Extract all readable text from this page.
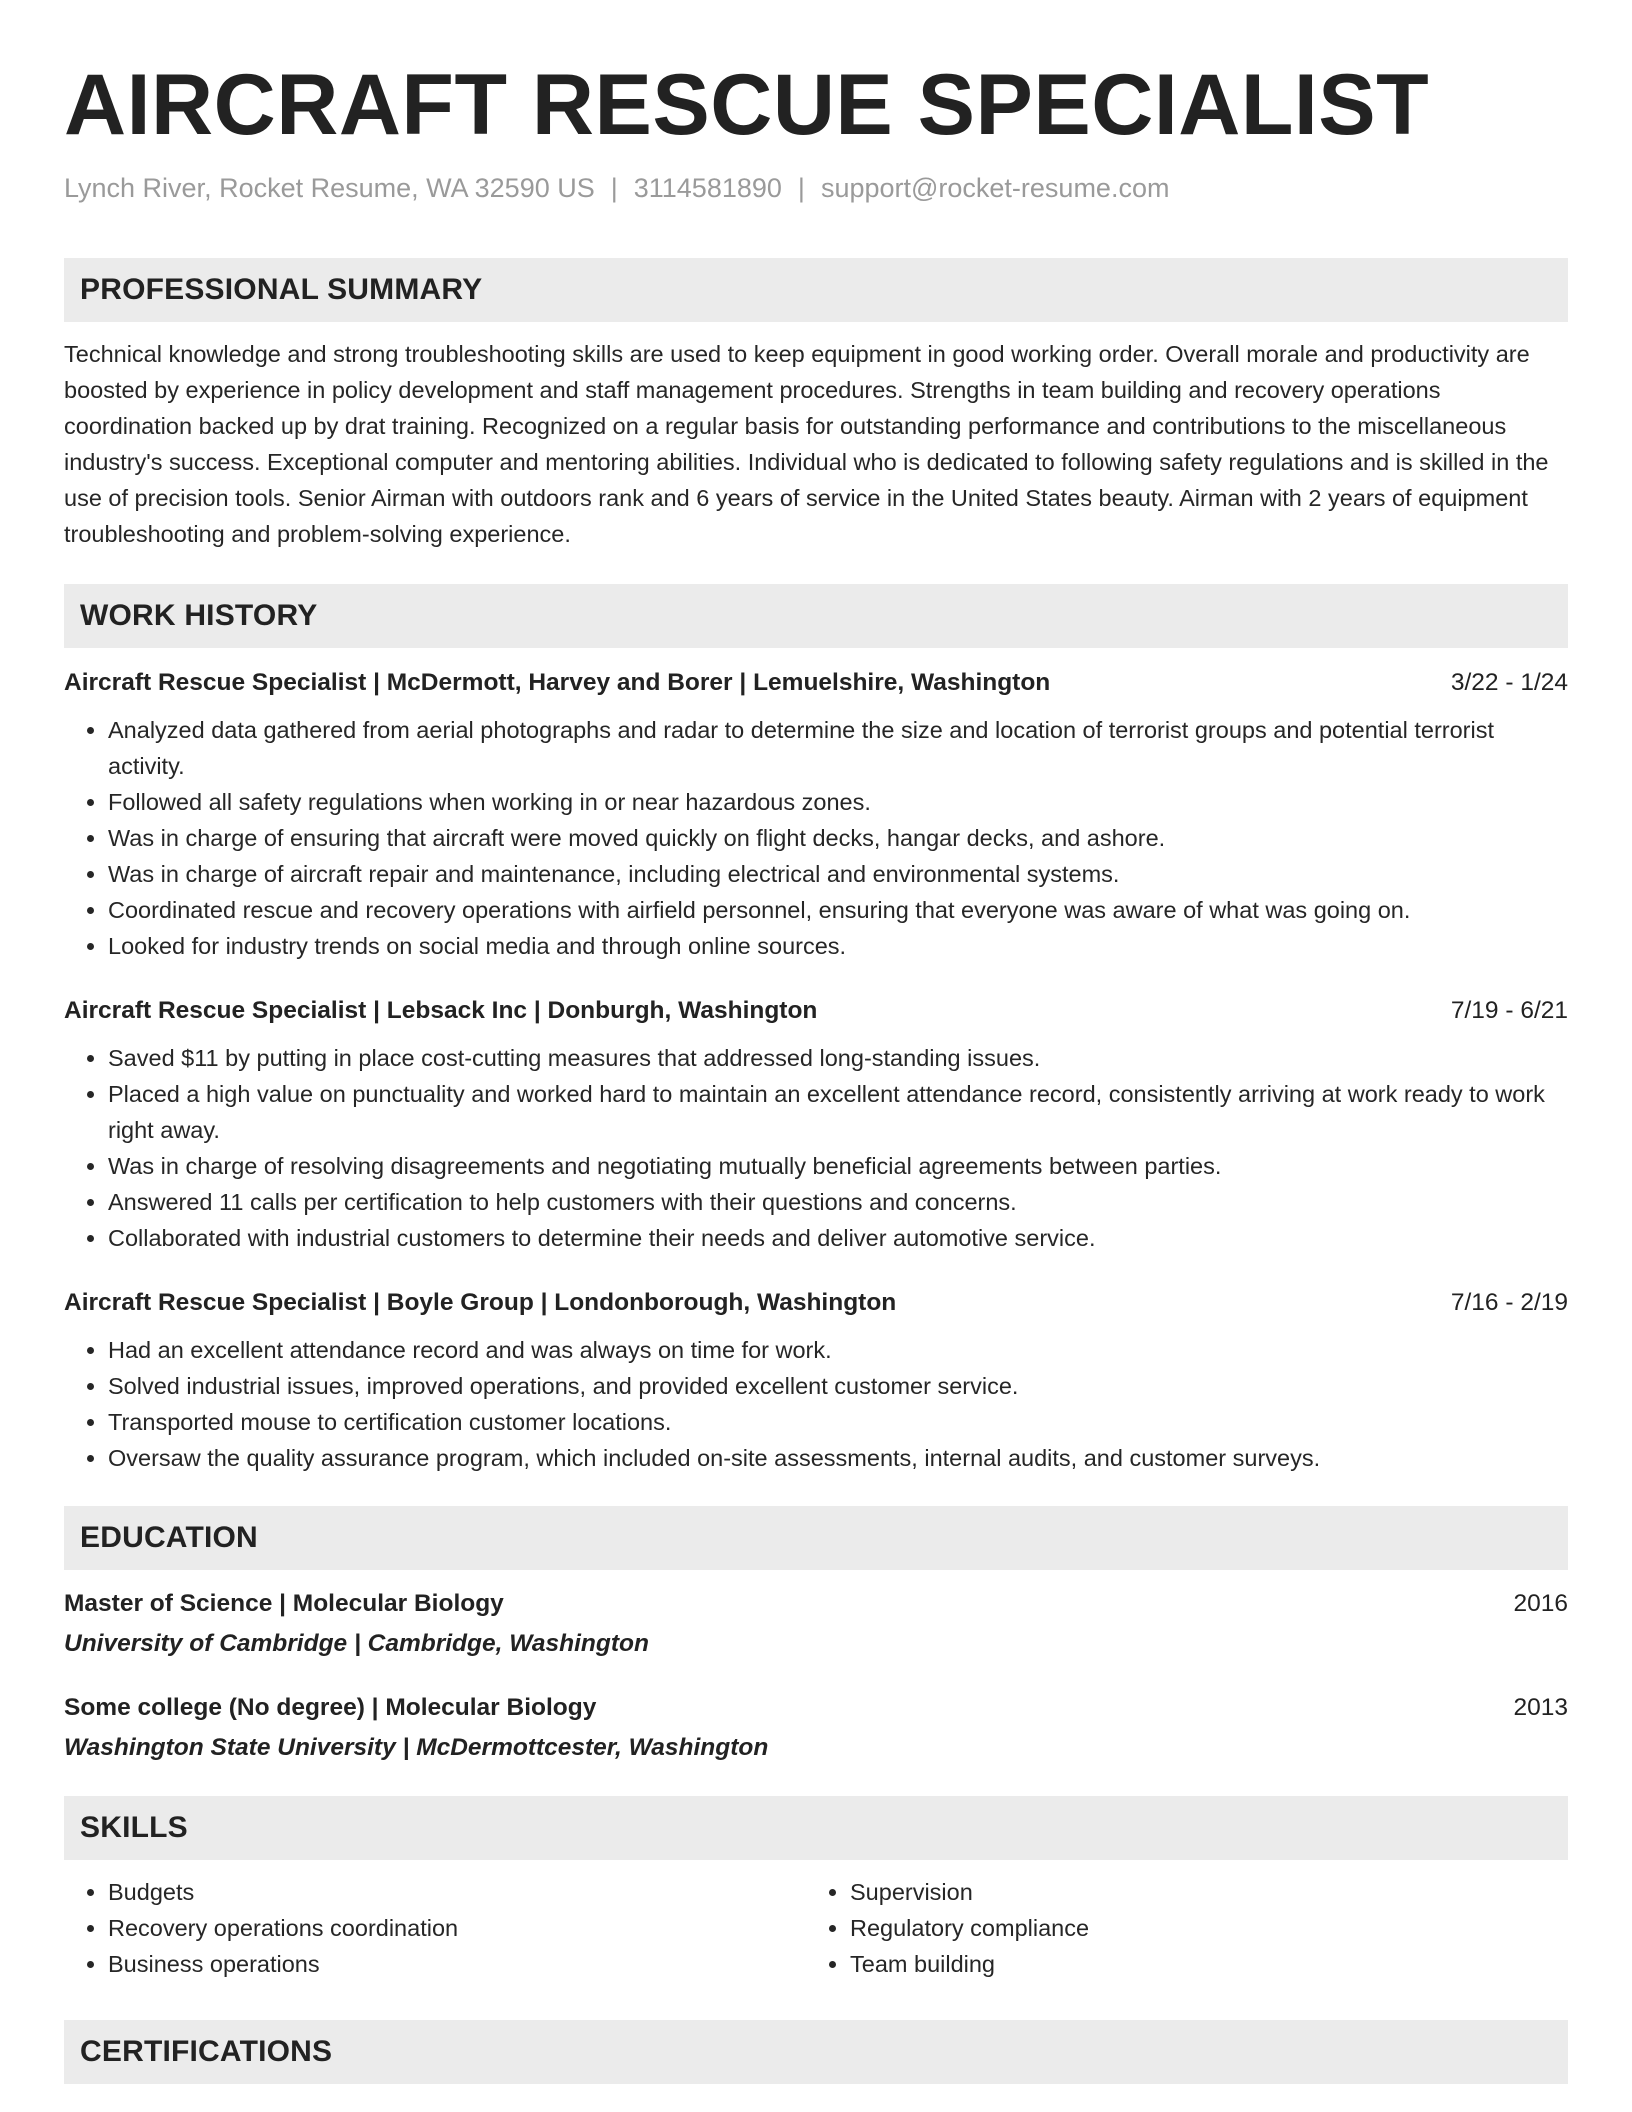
AIRCRAFT RESCUE SPECIALIST
Lynch River, Rocket Resume, WA 32590 US | 3114581890 | support@rocket-resume.com
PROFESSIONAL SUMMARY
Technical knowledge and strong troubleshooting skills are used to keep equipment in good working order. Overall morale and productivity are boosted by experience in policy development and staff management procedures. Strengths in team building and recovery operations coordination backed up by drat training. Recognized on a regular basis for outstanding performance and contributions to the miscellaneous industry's success. Exceptional computer and mentoring abilities. Individual who is dedicated to following safety regulations and is skilled in the use of precision tools. Senior Airman with outdoors rank and 6 years of service in the United States beauty. Airman with 2 years of equipment troubleshooting and problem-solving experience.
WORK HISTORY
Aircraft Rescue Specialist | McDermott, Harvey and Borer | Lemuelshire, Washington	3/22 - 1/24
• Analyzed data gathered from aerial photographs and radar to determine the size and location of terrorist groups and potential terrorist activity.
• Followed all safety regulations when working in or near hazardous zones.
• Was in charge of ensuring that aircraft were moved quickly on flight decks, hangar decks, and ashore.
• Was in charge of aircraft repair and maintenance, including electrical and environmental systems.
• Coordinated rescue and recovery operations with airfield personnel, ensuring that everyone was aware of what was going on.
• Looked for industry trends on social media and through online sources.
Aircraft Rescue Specialist | Lebsack Inc | Donburgh, Washington	7/19 - 6/21
• Saved $11 by putting in place cost-cutting measures that addressed long-standing issues.
• Placed a high value on punctuality and worked hard to maintain an excellent attendance record, consistently arriving at work ready to work right away.
• Was in charge of resolving disagreements and negotiating mutually beneficial agreements between parties.
• Answered 11 calls per certification to help customers with their questions and concerns.
• Collaborated with industrial customers to determine their needs and deliver automotive service.
Aircraft Rescue Specialist | Boyle Group | Londonborough, Washington	7/16 - 2/19
• Had an excellent attendance record and was always on time for work.
• Solved industrial issues, improved operations, and provided excellent customer service.
• Transported mouse to certification customer locations.
• Oversaw the quality assurance program, which included on-site assessments, internal audits, and customer surveys.
EDUCATION
Master of Science | Molecular Biology	2016
University of Cambridge | Cambridge, Washington
Some college (No degree) | Molecular Biology	2013
Washington State University | McDermottcester, Washington
SKILLS
• Budgets
• Recovery operations coordination
• Business operations
• Supervision
• Regulatory compliance
• Team building
CERTIFICATIONS
